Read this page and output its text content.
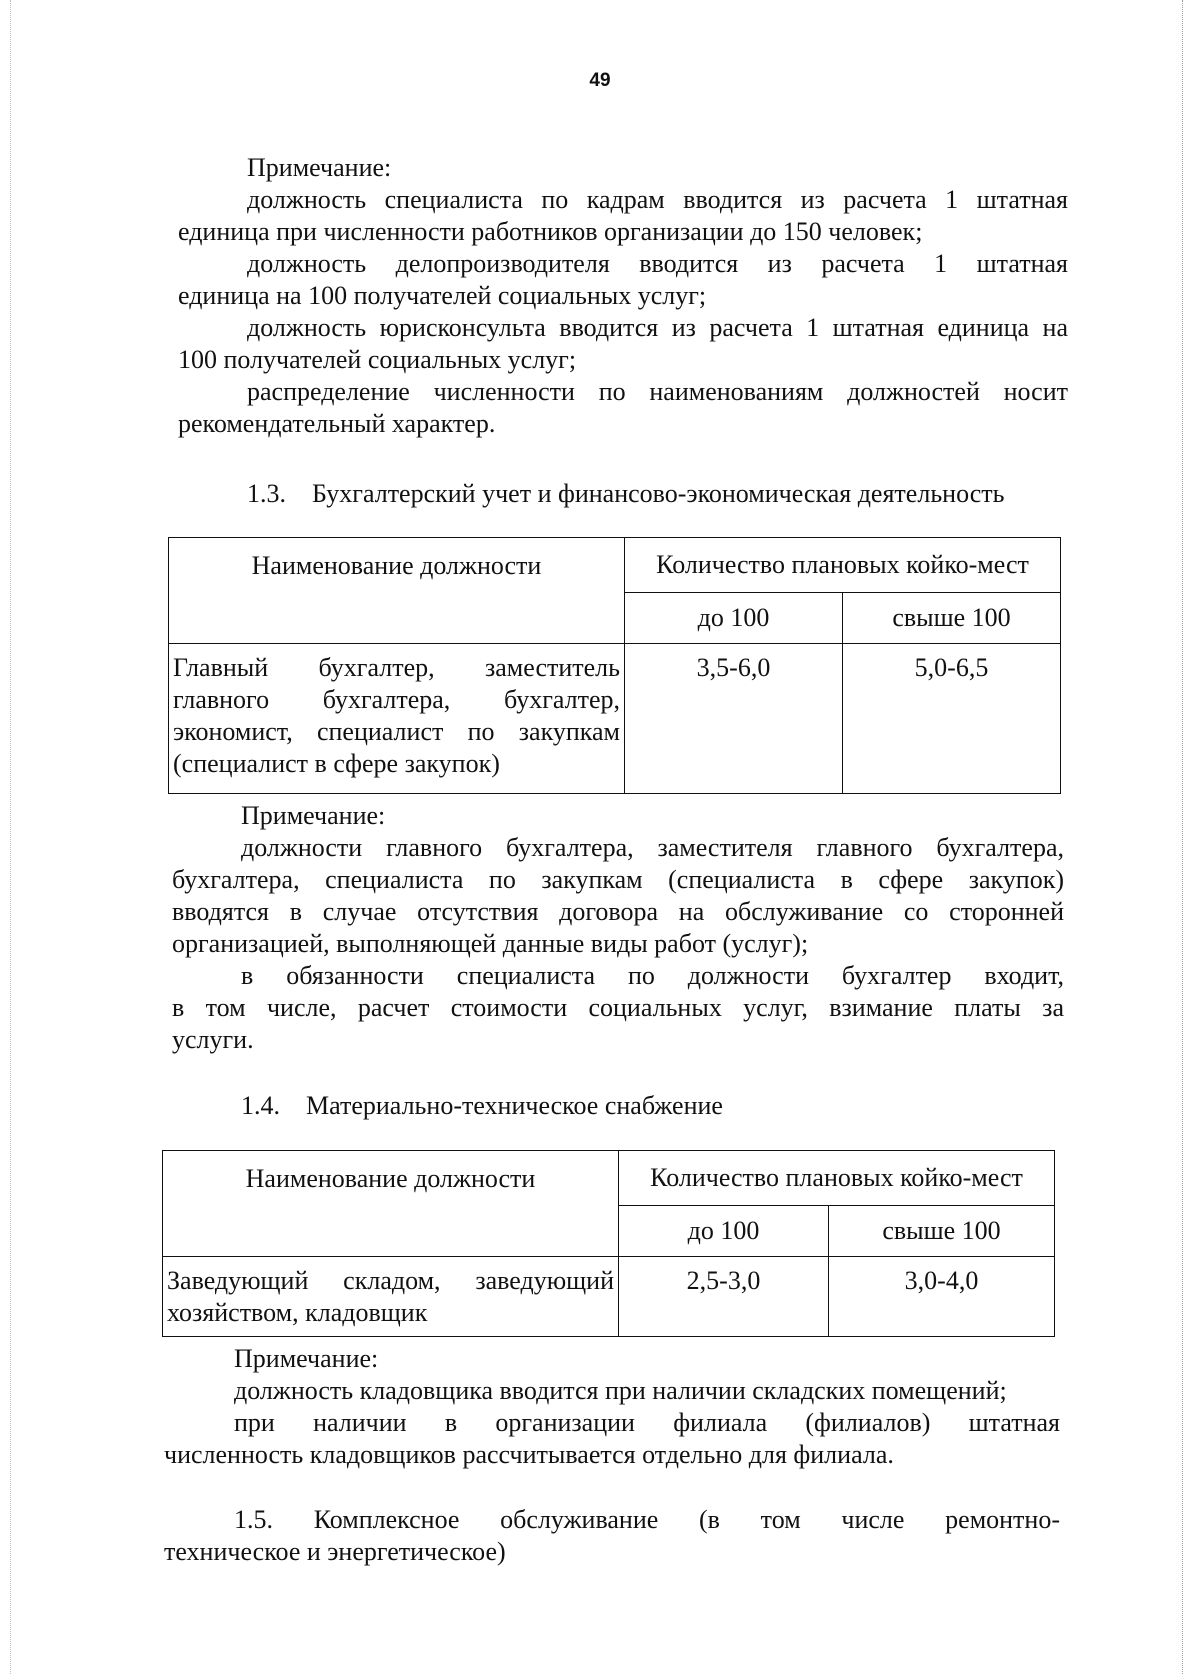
49
Примечание:
должность специалиста по кадрам вводится из расчета 1 штатная
единица при численности работников организации до 150 человек;
должность делопроизводителя вводится из расчета 1 штатная
единица на 100 получателей социальных услуг;
должность юрисконсульта вводится из расчета 1 штатная единица на
100 получателей социальных услуг;
распределение численности по наименованиям должностей носит
рекомендательный характер.
1.3.    Бухгалтерский учет и финансово-экономическая деятельность
Наименование должности	Количество плановых койко-мест	
	до 100	свыше 100

Главный бухгалтер, заместитель
главного бухгалтера, бухгалтер,
экономист, специалист по закупкам
(специалист в сфере закупок)	3,5-6,0	5,0-6,5
Примечание:
должности главного бухгалтера, заместителя главного бухгалтера,
бухгалтера, специалиста по закупкам (специалиста в сфере закупок)
вводятся в случае отсутствия договора на обслуживание со сторонней
организацией, выполняющей данные виды работ (услуг);
в обязанности специалиста по должности бухгалтер входит,
в том числе, расчет стоимости социальных услуг, взимание платы за
услуги.
1.4.    Материально-техническое снабжение
Наименование должности	Количество плановых койко-мест	
	до 100	свыше 100

Заведующий складом, заведующий
хозяйством, кладовщик	2,5-3,0	3,0-4,0
Примечание:
должность кладовщика вводится при наличии складских помещений;
при наличии в организации филиала (филиалов) штатная
численность кладовщиков рассчитывается отдельно для филиала.
1.5. Комплексное обслуживание (в том числе ремонтно-
техническое и энергетическое)
